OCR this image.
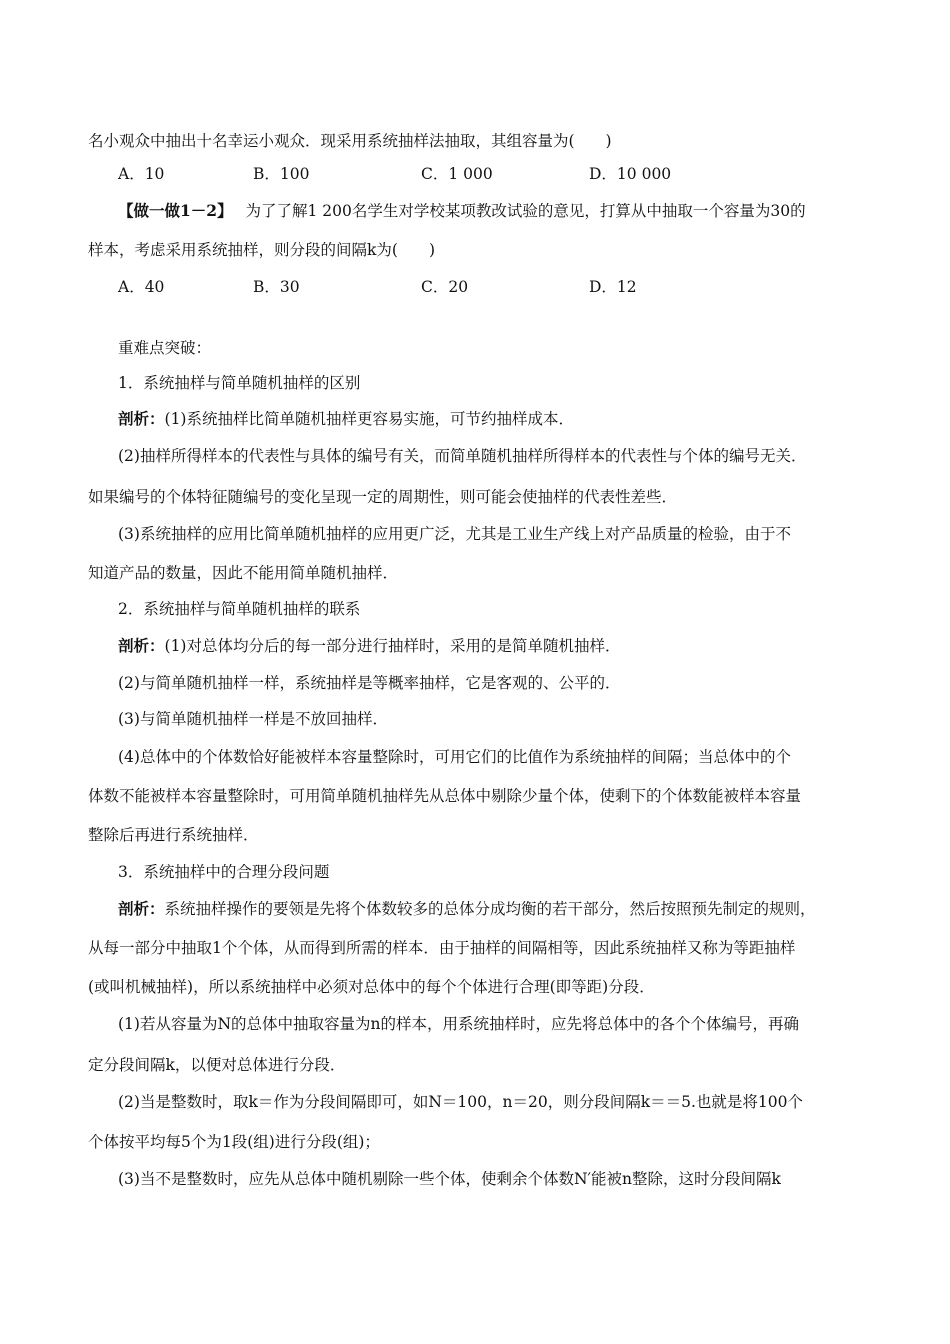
名小观众中抽出十名幸运小观众．现采用系统抽样法抽取，其组容量为(　　)
A．10	B．100	C．1 000	D．10 000
【做一做1－2】 为了了解1 200名学生对学校某项教改试验的意见，打算从中抽取一个容量为30的
样本，考虑采用系统抽样，则分段的间隔k为(　　)
A．40	B．30	C．20	D．12
重难点突破：
1．系统抽样与简单随机抽样的区别
剖析：(1)系统抽样比简单随机抽样更容易实施，可节约抽样成本．
(2)抽样所得样本的代表性与具体的编号有关，而简单随机抽样所得样本的代表性与个体的编号无关．
如果编号的个体特征随编号的变化呈现一定的周期性，则可能会使抽样的代表性差些．
(3)系统抽样的应用比简单随机抽样的应用更广泛，尤其是工业生产线上对产品质量的检验，由于不
知道产品的数量，因此不能用简单随机抽样．
2．系统抽样与简单随机抽样的联系
剖析：(1)对总体均分后的每一部分进行抽样时，采用的是简单随机抽样．
(2)与简单随机抽样一样，系统抽样是等概率抽样，它是客观的、公平的．
(3)与简单随机抽样一样是不放回抽样．
(4)总体中的个体数恰好能被样本容量整除时，可用它们的比值作为系统抽样的间隔；当总体中的个
体数不能被样本容量整除时，可用简单随机抽样先从总体中剔除少量个体，使剩下的个体数能被样本容量
整除后再进行系统抽样．
3．系统抽样中的合理分段问题
剖析：系统抽样操作的要领是先将个体数较多的总体分成均衡的若干部分，然后按照预先制定的规则，
从每一部分中抽取1个个体，从而得到所需的样本．由于抽样的间隔相等，因此系统抽样又称为等距抽样
(或叫机械抽样)，所以系统抽样中必须对总体中的每个个体进行合理(即等距)分段．
(1)若从容量为N的总体中抽取容量为n的样本，用系统抽样时，应先将总体中的各个个体编号，再确
定分段间隔k，以便对总体进行分段．
(2)当是整数时，取k＝作为分段间隔即可，如N＝100，n＝20，则分段间隔k＝＝5.也就是将100个
个体按平均每5个为1段(组)进行分段(组)；
(3)当不是整数时，应先从总体中随机剔除一些个体，使剩余个体数N′能被n整除，这时分段间隔k
